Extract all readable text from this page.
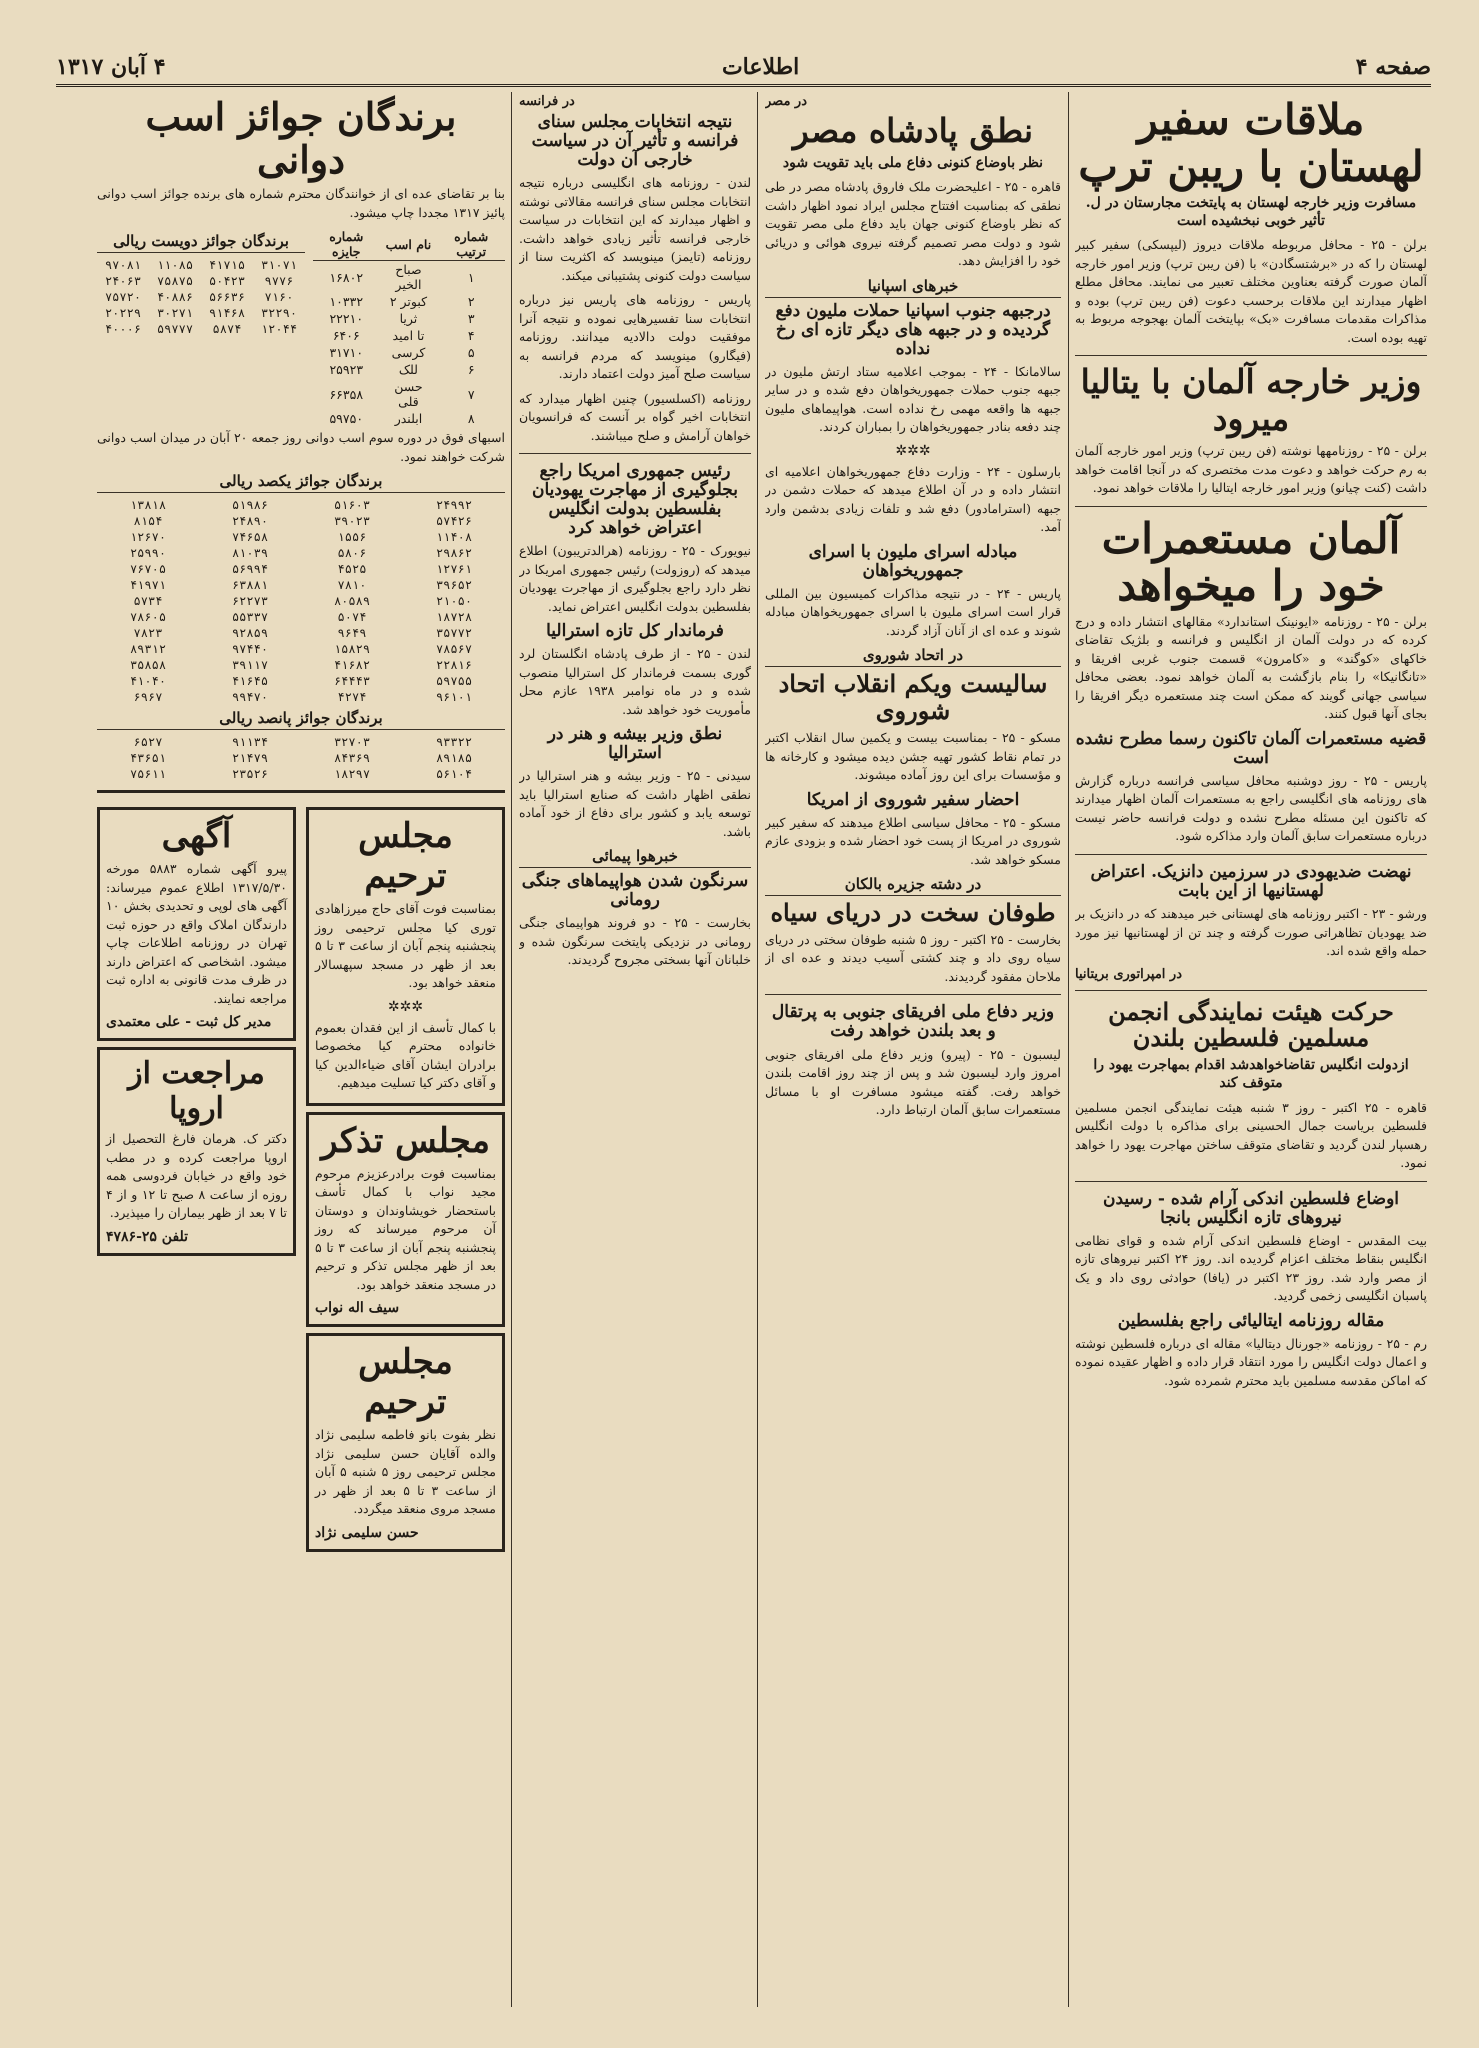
صفحه ۴
اطلاعات
۴ آبان ۱۳۱۷
ملاقات سفیر لهستان با ریبن ترپ
مسافرت وزیر خارجه لهستان به پایتخت مجارستان در ل. تأثیر خوبی نبخشیده است
برلن - ۲۵ - محافل مربوطه ملاقات دیروز (لیپسکی) سفیر کبیر لهستان را که در «برشتسگادن» با (فن ریبن ترپ) وزیر امور خارجه آلمان صورت گرفته بعناوین مختلف تعبیر می نمایند. محافل مطلع اظهار میدارند این ملاقات برحسب دعوت (فن ریبن ترپ) بوده و مذاکرات مقدمات مسافرت «بک» بپایتخت آلمان بهجوجه مربوط به تهیه بوده است.
وزیر خارجه آلمان با یتالیا میرود
برلن - ۲۵ - روزنامهها نوشته (فن ریبن ترپ) وزیر امور خارجه آلمان به رم حرکت خواهد و دعوت مدت مختصری که در آنجا اقامت خواهد داشت (کنت چیانو) وزیر امور خارجه ایتالیا را ملاقات خواهد نمود.
آلمان مستعمرات خود را میخواهد
برلن - ۲۵ - روزنامه «ایونینک استاندارد» مقالهای انتشار داده و درج کرده که در دولت آلمان از انگلیس و فرانسه و بلژیک تقاضای خاکهای «کوگند» و «کامرون» قسمت جنوب غربی افریقا و «تانگانیکا» را بنام بازگشت به آلمان خواهد نمود. بعضی محافل سیاسی جهانی گویند که ممکن است چند مستعمره دیگر افریقا را بجای آنها قبول کنند.
قضیه مستعمرات آلمان تاکنون رسما مطرح نشده است
پاریس - ۲۵ - روز دوشنبه محافل سیاسی فرانسه درباره گزارش های روزنامه های انگلیسی راجع به مستعمرات آلمان اظهار میدارند که تاکنون این مسئله مطرح نشده و دولت فرانسه حاضر نیست درباره مستعمرات سابق آلمان وارد مذاکره شود.
نهضت ضدیهودی در سرزمین دانزیک. اعتراض لهستانیها از این بابت
ورشو - ۲۳ - اکتبر روزنامه های لهستانی خبر میدهند که در دانزیک بر ضد یهودیان تظاهراتی صورت گرفته و چند تن از لهستانیها نیز مورد حمله واقع شده اند.
در امپراتوری بریتانیا
حرکت هیئت نمایندگی انجمن مسلمین فلسطین بلندن
ازدولت انگلیس تقاضاخواهدشد اقدام بمهاجرت یهود را متوقف کند
قاهره - ۲۵ اکتبر - روز ۳ شنبه هیئت نمایندگی انجمن مسلمین فلسطین بریاست جمال الحسینی برای مذاکره با دولت انگلیس رهسپار لندن گردید و تقاضای متوقف ساختن مهاجرت یهود را خواهد نمود.
اوضاع فلسطین اندکی آرام شده - رسیدن نیروهای تازه انگلیس بانجا
بیت المقدس - اوضاع فلسطین اندکی آرام شده و قوای نظامی انگلیس بنقاط مختلف اعزام گردیده اند. روز ۲۴ اکتبر نیروهای تازه از مصر وارد شد. روز ۲۳ اکتبر در (یافا) حوادثی روی داد و یک پاسبان انگلیسی زخمی گردید.
مقاله روزنامه ایتالیائی راجع بفلسطین
رم - ۲۵ - روزنامه «جورنال دیتالیا» مقاله ای درباره فلسطین نوشته و اعمال دولت انگلیس را مورد انتقاد قرار داده و اظهار عقیده نموده که اماکن مقدسه مسلمین باید محترم شمرده شود.
در مصر
نطق پادشاه مصر
نظر باوضاع کنونی دفاع ملی باید تقویت شود
قاهره - ۲۵ - اعلیحضرت ملک فاروق پادشاه مصر در طی نطقی که بمناسبت افتتاح مجلس ایراد نمود اظهار داشت که نظر باوضاع کنونی جهان باید دفاع ملی مصر تقویت شود و دولت مصر تصمیم گرفته نیروی هوائی و دریائی خود را افزایش دهد.
خبرهای اسپانیا
درجبهه جنوب اسپانیا حملات ملیون دفع گردیده و در جبهه های دیگر تازه ای رخ نداده
سالامانکا - ۲۴ - بموجب اعلامیه ستاد ارتش ملیون در جبهه جنوب حملات جمهوریخواهان دفع شده و در سایر جبهه ها واقعه مهمی رخ نداده است. هواپیماهای ملیون چند دفعه بنادر جمهوریخواهان را بمباران کردند.
✲✲✲
بارسلون - ۲۴ - وزارت دفاع جمهوریخواهان اعلامیه ای انتشار داده و در آن اطلاع میدهد که حملات دشمن در جبهه (استرامادور) دفع شد و تلفات زیادی بدشمن وارد آمد.
مبادله اسرای ملیون با اسرای جمهوریخواهان
پاریس - ۲۴ - در نتیجه مذاکرات کمیسیون بین المللی قرار است اسرای ملیون با اسرای جمهوریخواهان مبادله شوند و عده ای از آنان آزاد گردند.
در اتحاد شوروی
سالیست ویکم انقلاب اتحاد شوروی
مسکو - ۲۵ - بمناسبت بیست و یکمین سال انقلاب اکتبر در تمام نقاط کشور تهیه جشن دیده میشود و کارخانه ها و مؤسسات برای این روز آماده میشوند.
احضار سفیر شوروی از امریکا
مسکو - ۲۵ - محافل سیاسی اطلاع میدهند که سفیر کبیر شوروی در امریکا از پست خود احضار شده و بزودی عازم مسکو خواهد شد.
در دشته جزیره بالکان
طوفان سخت در دریای سیاه
بخارست - ۲۵ اکتبر - روز ۵ شنبه طوفان سختی در دریای سیاه روی داد و چند کشتی آسیب دیدند و عده ای از ملاحان مفقود گردیدند.
وزیر دفاع ملی افریقای جنوبی به پرتقال و بعد بلندن خواهد رفت
لیسبون - ۲۵ - (پیرو) وزیر دفاع ملی افریقای جنوبی امروز وارد لیسبون شد و پس از چند روز اقامت بلندن خواهد رفت. گفته میشود مسافرت او با مسائل مستعمرات سابق آلمان ارتباط دارد.
در فرانسه
نتیجه انتخابات مجلس سنای فرانسه و تأثیر آن در سیاست خارجی آن دولت
لندن - روزنامه های انگلیسی درباره نتیجه انتخابات مجلس سنای فرانسه مقالاتی نوشته و اظهار میدارند که این انتخابات در سیاست خارجی فرانسه تأثیر زیادی خواهد داشت. روزنامه (تایمز) مینویسد که اکثریت سنا از سیاست دولت کنونی پشتیبانی میکند.
پاریس - روزنامه های پاریس نیز درباره انتخابات سنا تفسیرهایی نموده و نتیجه آنرا موفقیت دولت دالادیه میدانند. روزنامه (فیگارو) مینویسد که مردم فرانسه به سیاست صلح آمیز دولت اعتماد دارند.
روزنامه (اکسلسیور) چنین اظهار میدارد که انتخابات اخیر گواه بر آنست که فرانسویان خواهان آرامش و صلح میباشند.
رئیس جمهوری امریکا راجع بجلوگیری از مهاجرت یهودیان بفلسطین بدولت انگلیس اعتراض خواهد کرد
نیویورک - ۲۵ - روزنامه (هرالدتریبون) اطلاع میدهد که (روزولت) رئیس جمهوری امریکا در نظر دارد راجع بجلوگیری از مهاجرت یهودیان بفلسطین بدولت انگلیس اعتراض نماید.
فرماندار کل تازه استرالیا
لندن - ۲۵ - از طرف پادشاه انگلستان لرد گوری بسمت فرماندار کل استرالیا منصوب شده و در ماه نوامبر ۱۹۳۸ عازم محل مأموریت خود خواهد شد.
نطق وزیر بیشه و هنر در استرالیا
سیدنی - ۲۵ - وزیر بیشه و هنر استرالیا در نطقی اظهار داشت که صنایع استرالیا باید توسعه یابد و کشور برای دفاع از خود آماده باشد.
خبرهوا پیمائی
سرنگون شدن هواپیماهای جنگی رومانی
بخارست - ۲۵ - دو فروند هواپیمای جنگی رومانی در نزدیکی پایتخت سرنگون شده و خلبانان آنها بسختی مجروح گردیدند.
برندگان جوائز اسب دوانی
بنا بر تقاضای عده ای از خوانندگان محترم شماره های برنده جوائز اسب دوانی پائیز ۱۳۱۷ مجددا چاپ میشود.
شماره ترتیب	نام اسب	شماره جایزه
۱	صباح الخیر	۱۶۸۰۲
۲	کبوتر ۲	۱۰۳۳۲
۳	ثریا	۲۲۲۱۰
۴	تا امید	۶۴۰۶
۵	کرسی	۳۱۷۱۰
۶	للک	۲۵۹۲۳
۷	حسن قلی	۶۶۳۵۸
۸	ابلندر	۵۹۷۵۰
برندگان جوائز دویست ریالی
۳۱۰۷۱	۴۱۷۱۵	۱۱۰۸۵	۹۷۰۸۱
۹۷۷۶	۵۰۴۲۳	۷۵۸۷۵	۲۴۰۶۳
۷۱۶۰	۵۶۶۳۶	۴۰۸۸۶	۷۵۷۲۰
۳۲۲۹۰	۹۱۴۶۸	۳۰۲۷۱	۲۰۲۲۹
۱۲۰۴۴	۵۸۷۴	۵۹۷۷۷	۴۰۰۰۶
اسبهای فوق در دوره سوم اسب دوانی روز جمعه ۲۰ آبان در میدان اسب دوانی شرکت خواهند نمود.
برندگان جوائز یکصد ریالی
۲۴۹۹۲	۵۱۶۰۳	۵۱۹۸۶	۱۳۸۱۸
۵۷۴۲۶	۳۹۰۲۳	۲۴۸۹۰	۸۱۵۴
۱۱۴۰۸	۱۵۵۶	۷۴۶۵۸	۱۲۶۷۰
۲۹۸۶۲	۵۸۰۶	۸۱۰۳۹	۲۵۹۹۰
۱۲۷۶۱	۴۵۲۵	۵۶۹۹۴	۷۶۷۰۵
۳۹۶۵۲	۷۸۱۰	۶۳۸۸۱	۴۱۹۷۱
۲۱۰۵۰	۸۰۵۸۹	۶۲۲۷۳	۵۷۳۴
۱۸۷۲۸	۵۰۷۴	۵۵۳۳۷	۷۸۶۰۵
۳۵۷۷۲	۹۶۴۹	۹۲۸۵۹	۷۸۲۳
۷۸۵۶۷	۱۵۸۲۹	۹۷۴۴۰	۸۹۳۱۲
۲۲۸۱۶	۴۱۶۸۲	۳۹۱۱۷	۳۵۸۵۸
۵۹۷۵۵	۶۴۴۴۳	۴۱۶۴۵	۴۱۰۴۰
۹۶۱۰۱	۴۲۷۴	۹۹۴۷۰	۶۹۶۷
برندگان جوائز پانصد ریالی
۹۳۳۲۲	۳۲۷۰۳	۹۱۱۳۴	۶۵۲۷
۸۹۱۸۵	۸۴۳۶۹	۲۱۴۷۹	۴۳۶۵۱
۵۶۱۰۴	۱۸۲۹۷	۲۳۵۲۶	۷۵۶۱۱
مجلس ترحیم
بمناسبت فوت آقای حاج میرزاهادی توری کیا مجلس ترحیمی روز پنجشنبه پنجم آبان از ساعت ۳ تا ۵ بعد از ظهر در مسجد سپهسالار منعقد خواهد بود.
✲✲✲
با کمال تأسف از این فقدان بعموم خانواده محترم کیا مخصوصا برادران ایشان آقای ضیاءالدین کیا و آقای دکتر کیا تسلیت میدهیم.
مجلس تذکر
بمناسبت فوت برادرعزیزم مرحوم مجید نواب با کمال تأسف باستحضار خویشاوندان و دوستان آن مرحوم میرساند که روز پنجشنبه پنجم آبان از ساعت ۳ تا ۵ بعد از ظهر مجلس تذکر و ترحیم در مسجد منعقد خواهد بود.
سیف اله نواب
مجلس ترحیم
نظر بفوت بانو فاطمه سلیمی نژاد والده آقایان حسن سلیمی نژاد مجلس ترحیمی روز ۵ شنبه ۵ آبان از ساعت ۳ تا ۵ بعد از ظهر در مسجد مروی منعقد میگردد.
حسن سلیمی نژاد
آگهی
پیرو آگهی شماره ۵۸۸۳ مورخه ۱۳۱۷/۵/۳۰ اطلاع عموم میرساند: آگهی های لوپی و تحدیدی بخش ۱۰ دارندگان املاک واقع در حوزه ثبت تهران در روزنامه اطلاعات چاپ میشود. اشخاصی که اعتراض دارند در ظرف مدت قانونی به اداره ثبت مراجعه نمایند.
مدیر کل ثبت - علی معتمدی
مراجعت از اروپا
دکتر ک. هرمان فارغ التحصیل از اروپا مراجعت کرده و در مطب خود واقع در خیابان فردوسی همه روزه از ساعت ۸ صبح تا ۱۲ و از ۴ تا ۷ بعد از ظهر بیماران را میپذیرد.
تلفن ۲۵-۴۷۸۶
